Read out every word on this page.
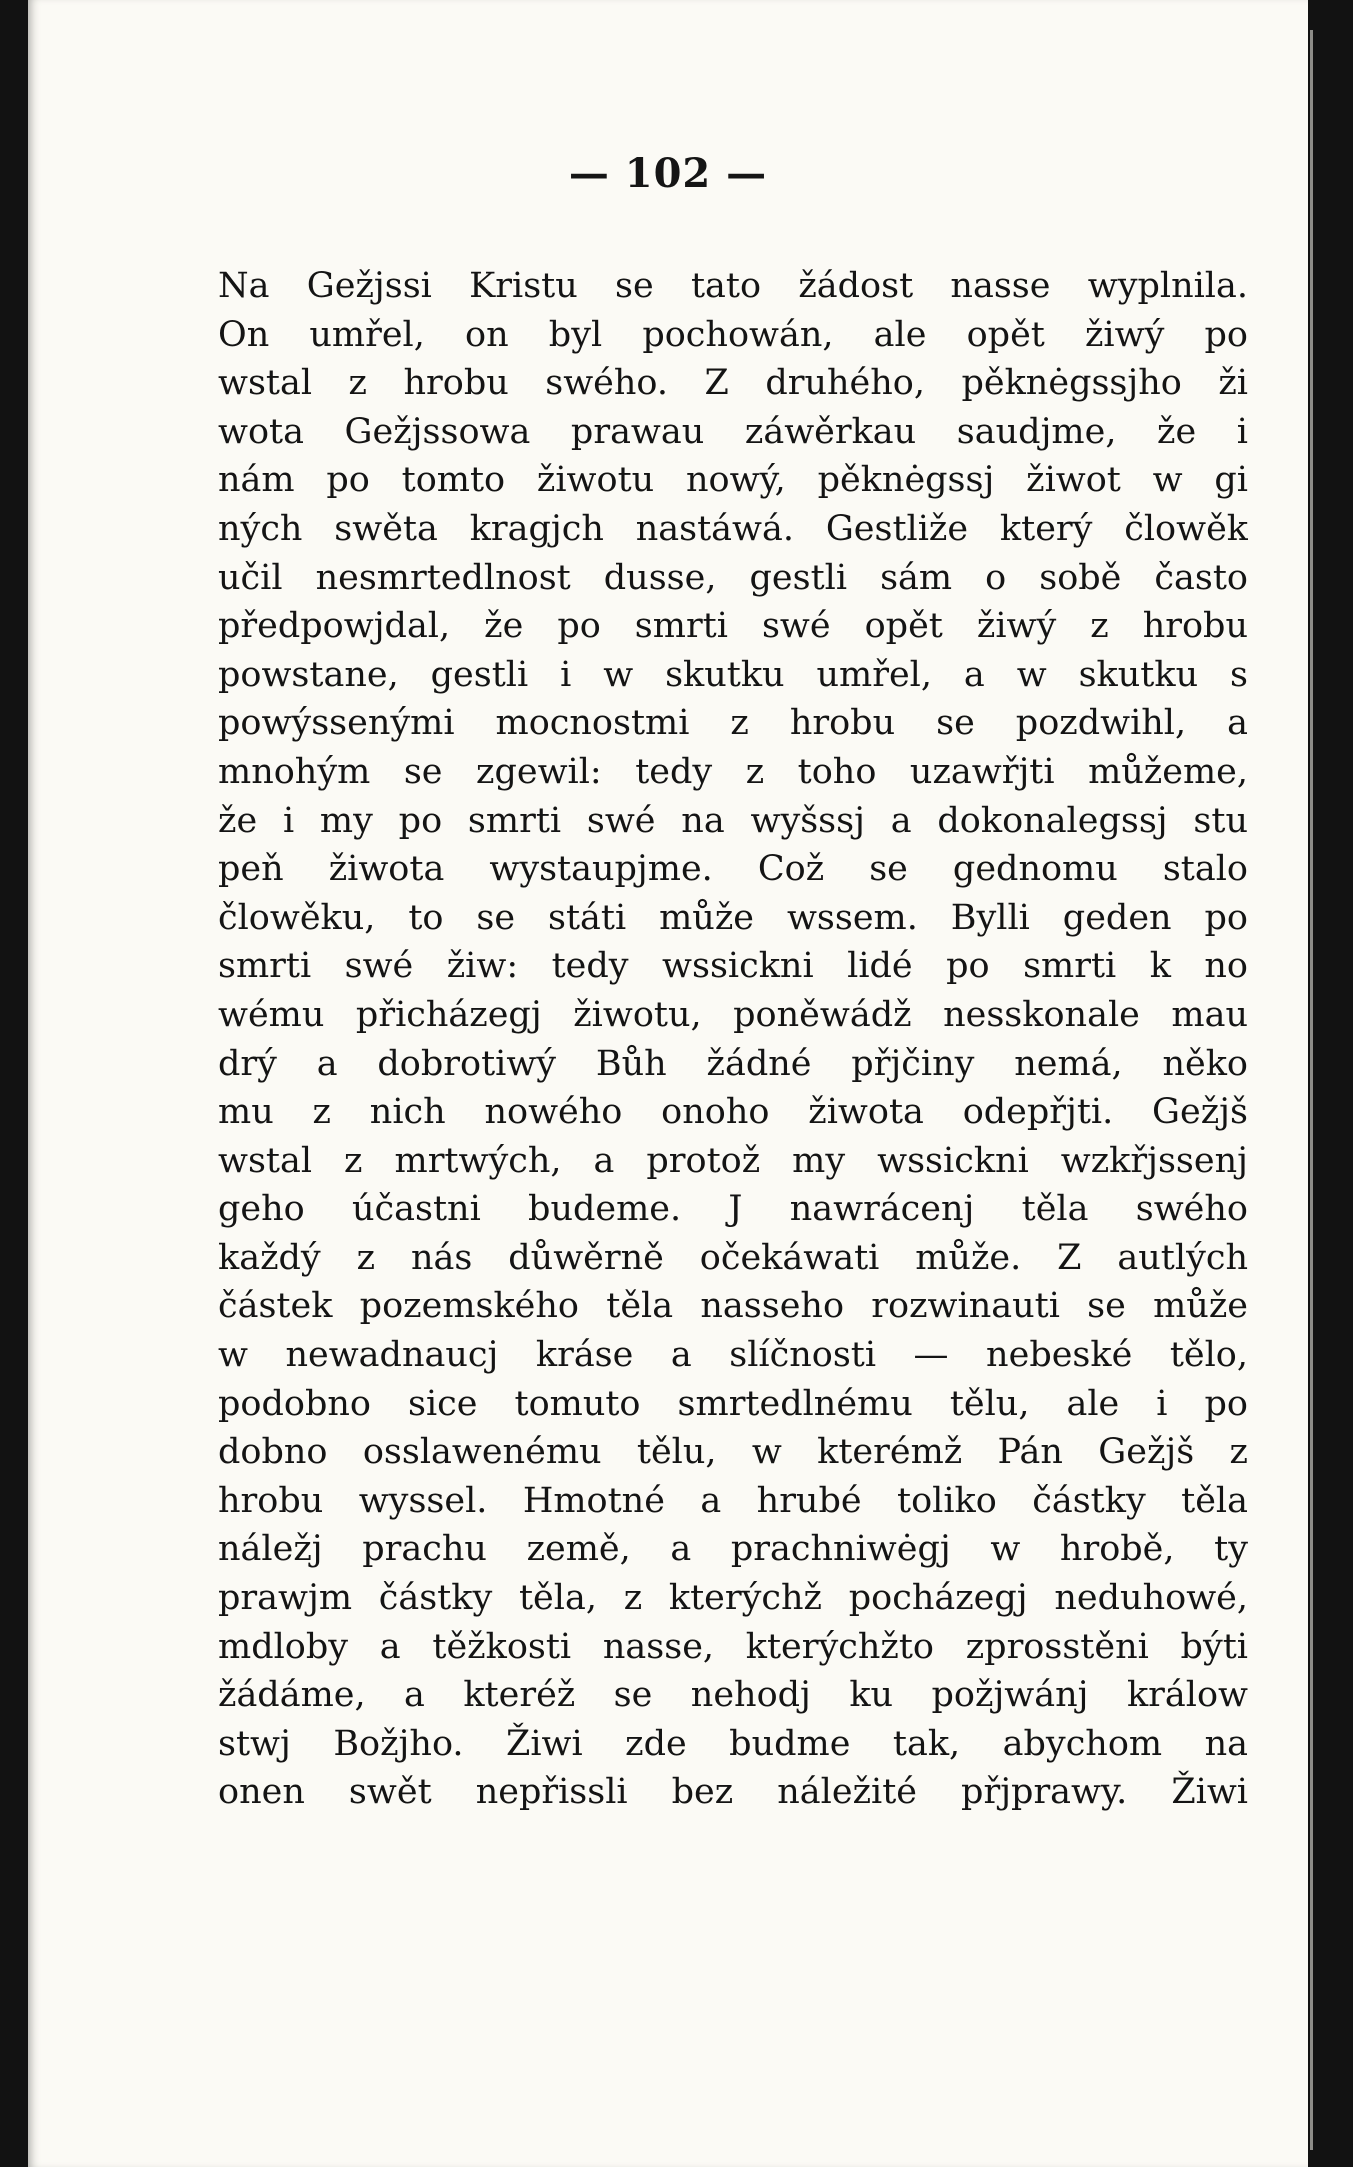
— 102 —
Na Gežjssi Kristu se tato žádost nasse wyplnila.
On umřel, on byl pochowán, ale opět žiwý po
wstal z hrobu swého. Z druhého, pěknėgssjho ži
wota Gežjssowa prawau záwěrkau saudjme, že i
nám po tomto žiwotu nowý, pěknėgssj žiwot w gi
ných swěta kragjch nastáwá. Gestliže který člowěk
učil nesmrtedlnost dusse, gestli sám o sobě často
předpowjdal, že po smrti swé opět žiwý z hrobu
powstane, gestli i w skutku umřel, a w skutku s
powýssenými mocnostmi z hrobu se pozdwihl, a
mnohým se zgewil: tedy z toho uzawřjti můžeme,
že i my po smrti swé na wyšssj a dokonalegssj stu
peň žiwota wystaupjme. Což se gednomu stalo
člowěku, to se státi může wssem. Bylli geden po
smrti swé žiw: tedy wssickni lidé po smrti k no
wému přicházegj žiwotu, poněwádž nesskonale mau
drý a dobrotiwý Bůh žádné přjčiny nemá, něko
mu z nich nowého onoho žiwota odepřjti. Gežjš
wstal z mrtwých, a protož my wssickni wzkřjssenj
geho účastni budeme. J nawrácenj těla swého
každý z nás důwěrně očekáwati může. Z autlých
částek pozemského těla nasseho rozwinauti se může
w newadnaucj kráse a slíčnosti — nebeské tělo,
podobno sice tomuto smrtedlnému tělu, ale i po
dobno osslawenému tělu, w kterémž Pán Gežjš z
hrobu wyssel. Hmotné a hrubé toliko částky těla
náležj prachu země, a prachniwėgj w hrobě, ty
prawjm částky těla, z kterýchž pocházegj neduhowé,
mdloby a těžkosti nasse, kterýchžto zprosstěni býti
žádáme, a kteréž se nehodj ku požjwánj králow
stwj Božjho. Žiwi zde budme tak, abychom na
onen swět nepřissli bez náležité přjprawy. Žiwi
